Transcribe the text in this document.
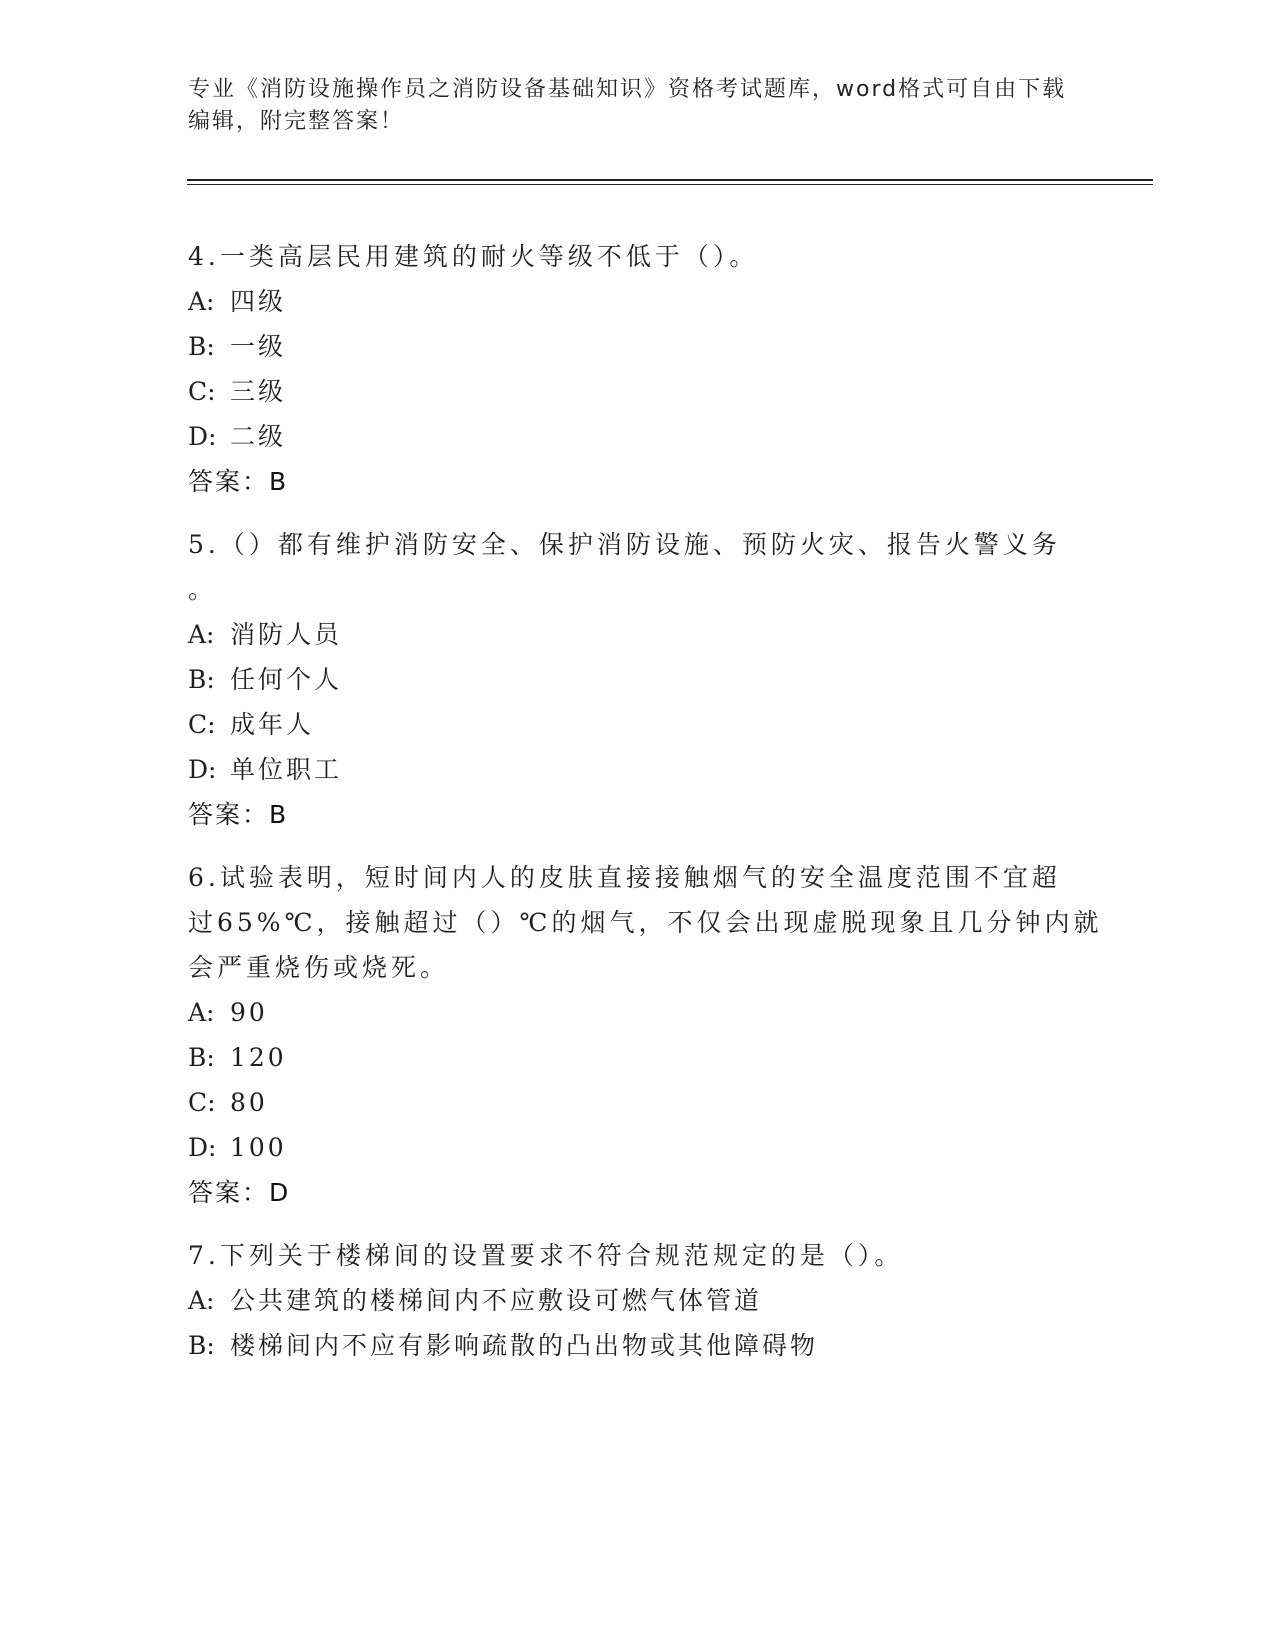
专业《消防设施操作员之消防设备基础知识》资格考试题库，word格式可自由下载编辑，附完整答案！
4.一类高层民用建筑的耐火等级不低于（）。
A: 四级
B: 一级
C: 三级
D: 二级
答案：B
5.（）都有维护消防安全、保护消防设施、预防火灾、报告火警义务
。
A: 消防人员
B: 任何个人
C: 成年人
D: 单位职工
答案：B
6.试验表明，短时间内人的皮肤直接接触烟气的安全温度范围不宜超
过65%℃，接触超过（）℃的烟气，不仅会出现虚脱现象且几分钟内就
会严重烧伤或烧死。
A: 90
B: 120
C: 80
D: 100
答案：D
7.下列关于楼梯间的设置要求不符合规范规定的是（）。
A: 公共建筑的楼梯间内不应敷设可燃气体管道
B: 楼梯间内不应有影响疏散的凸出物或其他障碍物
